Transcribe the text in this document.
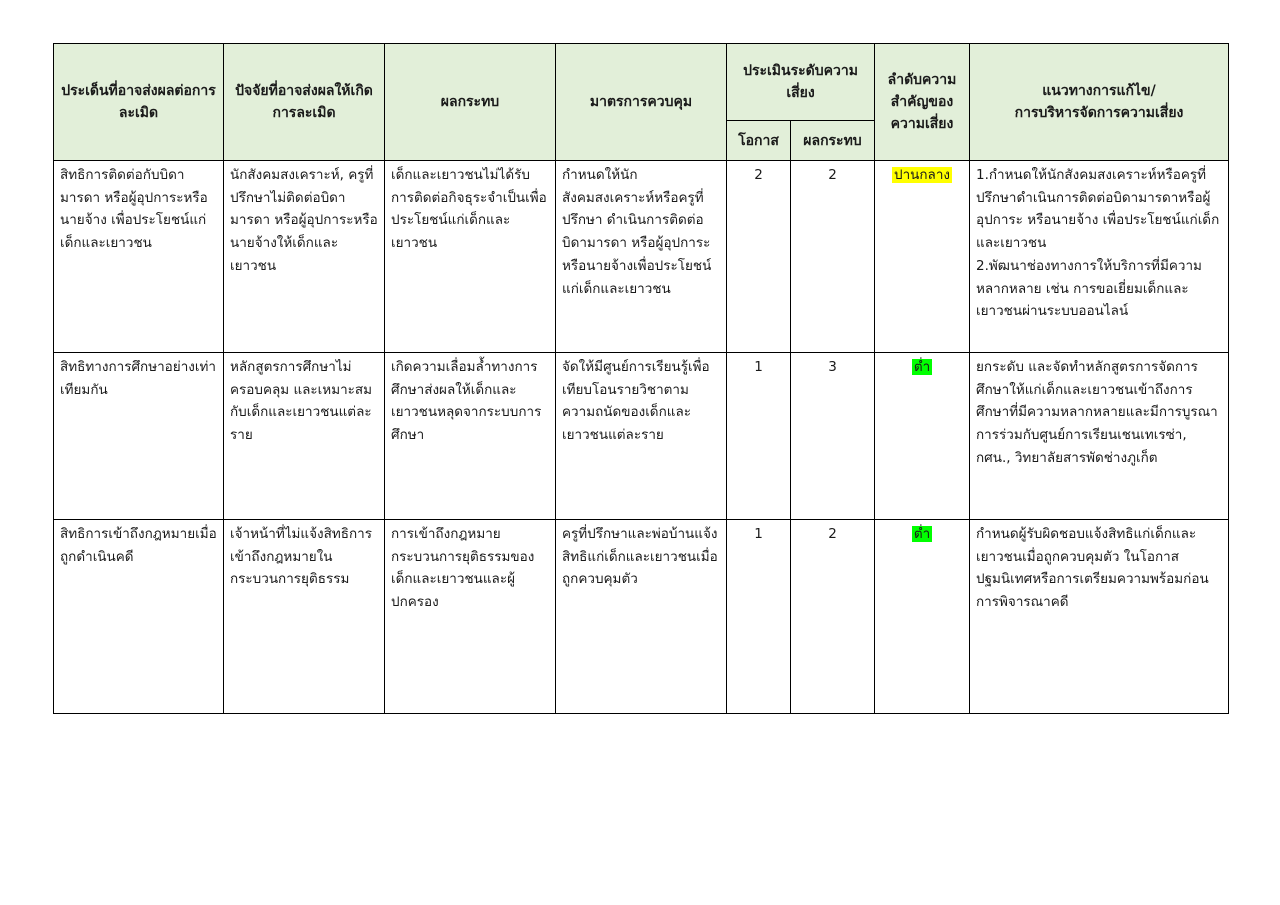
ประเด็นที่อาจส่งผลต่อการละเมิด	ปัจจัยที่อาจส่งผลให้เกิดการละเมิด	ผลกระทบ	มาตรการควบคุม	ประเมินระดับความเสี่ยง		ลำดับความสำคัญของความเสี่ยง	แนวทางการแก้ไข/
การบริหารจัดการความเสี่ยง

				โอกาส	ผลกระทบ		
สิทธิการติดต่อกับบิดามารดา หรือผู้อุปการะหรือนายจ้าง เพื่อประโยชน์แก่เด็กและเยาวชน	นักสังคมสงเคราะห์, ครูที่ปรึกษาไม่ติดต่อบิดามารดา หรือผู้อุปการะหรือนายจ้างให้เด็กและเยาวชน	เด็กและเยาวชนไม่ได้รับการติดต่อกิจธุระจำเป็นเพื่อประโยชน์แก่เด็กและเยาวชน	กำหนดให้นักสังคมสงเคราะห์หรือครูที่ปรึกษา ดำเนินการติดต่อบิดามารดา หรือผู้อุปการะ หรือนายจ้างเพื่อประโยชน์แก่เด็กและเยาวชน	2	2	ปานกลาง	1.กำหนดให้นักสังคมสงเคราะห์หรือครูที่ปรึกษาดำเนินการติดต่อบิดามารดาหรือผู้อุปการะ หรือนายจ้าง เพื่อประโยชน์แก่เด็กและเยาวชน
2.พัฒนาช่องทางการให้บริการที่มีความหลากหลาย เช่น การขอเยี่ยมเด็กและเยาวชนผ่านระบบออนไลน์

สิทธิทางการศึกษาอย่างเท่าเทียมกัน	หลักสูตรการศึกษาไม่ครอบคลุม และเหมาะสมกับเด็กและเยาวชนแต่ละราย	เกิดความเลื่อมล้ำทางการศึกษาส่งผลให้เด็กและเยาวชนหลุดจากระบบการศึกษา	จัดให้มีศูนย์การเรียนรู้เพื่อเทียบโอนรายวิชาตามความถนัดของเด็กและเยาวชนแต่ละราย	1	3	ต่ำ	ยกระดับ และจัดทำหลักสูตรการจัดการศึกษาให้แก่เด็กและเยาวชนเข้าถึงการศึกษาที่มีความหลากหลายและมีการบูรณาการร่วมกับศูนย์การเรียนเชนเทเรซ่า, กศน., วิทยาลัยสารพัดช่างภูเก็ต

สิทธิการเข้าถึงกฎหมายเมื่อถูกดำเนินคดี	เจ้าหน้าที่ไม่แจ้งสิทธิการเข้าถึงกฎหมายในกระบวนการยุติธรรม	การเข้าถึงกฎหมายกระบวนการยุติธรรมของเด็กและเยาวชนและผู้ปกครอง	ครูที่ปรึกษาและพ่อบ้านแจ้งสิทธิแก่เด็กและเยาวชนเมื่อถูกควบคุมตัว	1	2	ต่ำ	กำหนดผู้รับผิดชอบแจ้งสิทธิแก่เด็กและเยาวชนเมื่อถูกควบคุมตัว ในโอกาสปฐมนิเทศหรือการเตรียมความพร้อมก่อนการพิจารณาคดี
